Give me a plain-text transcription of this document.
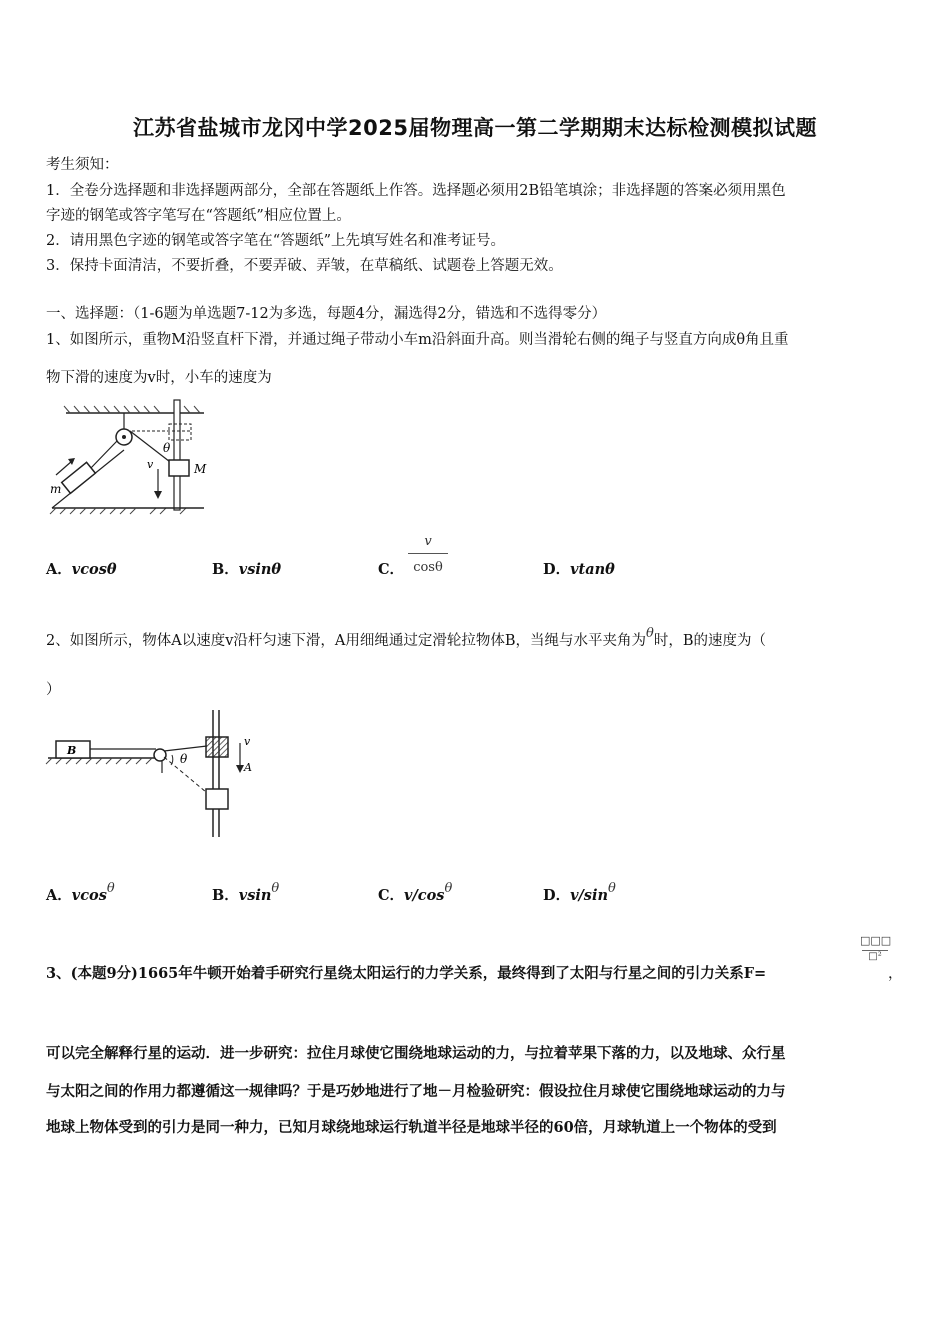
江苏省盐城市龙冈中学2025届物理高一第二学期期末达标检测模拟试题
考生须知：
1．全卷分选择题和非选择题两部分，全部在答题纸上作答。选择题必须用2B铅笔填涂；非选择题的答案必须用黑色
字迹的钢笔或答字笔写在“答题纸”相应位置上。
2．请用黑色字迹的钢笔或答字笔在“答题纸”上先填写姓名和准考证号。
3．保持卡面清洁，不要折叠，不要弄破、弄皱，在草稿纸、试题卷上答题无效。
一、选择题：（1-6题为单选题7-12为多选，每题4分，漏选得2分，错选和不选得零分）
1、如图所示，重物M沿竖直杆下滑，并通过绳子带动小车m沿斜面升高。则当滑轮右侧的绳子与竖直方向成θ角且重
物下滑的速度为v时，小车的速度为
m
v
θ
M
A．vcosθ	B．vsinθ	C．
v
cosθ	D．vtanθ
2、如图所示，物体A以速度v沿杆匀速下滑，A用细绳通过定滑轮拉物体B，当绳与水平夹角为θ时，B的速度为（
）
B
v
A
θ
A．vcosθ	B．vsinθ	C．v/cosθ	D．v/sinθ
3、(本题9分)1665年牛顿开始着手研究行星绕太阳运行的力学关系，最终得到了太阳与行星之间的引力关系F=
□□□
□²
，
可以完全解释行星的运动．进一步研究：拉住月球使它围绕地球运动的力，与拉着苹果下落的力，以及地球、众行星
与太阳之间的作用力都遵循这一规律吗？于是巧妙地进行了地－月检验研究：假设拉住月球使它围绕地球运动的力与
地球上物体受到的引力是同一种力，已知月球绕地球运行轨道半径是地球半径的60倍，月球轨道上一个物体的受到
